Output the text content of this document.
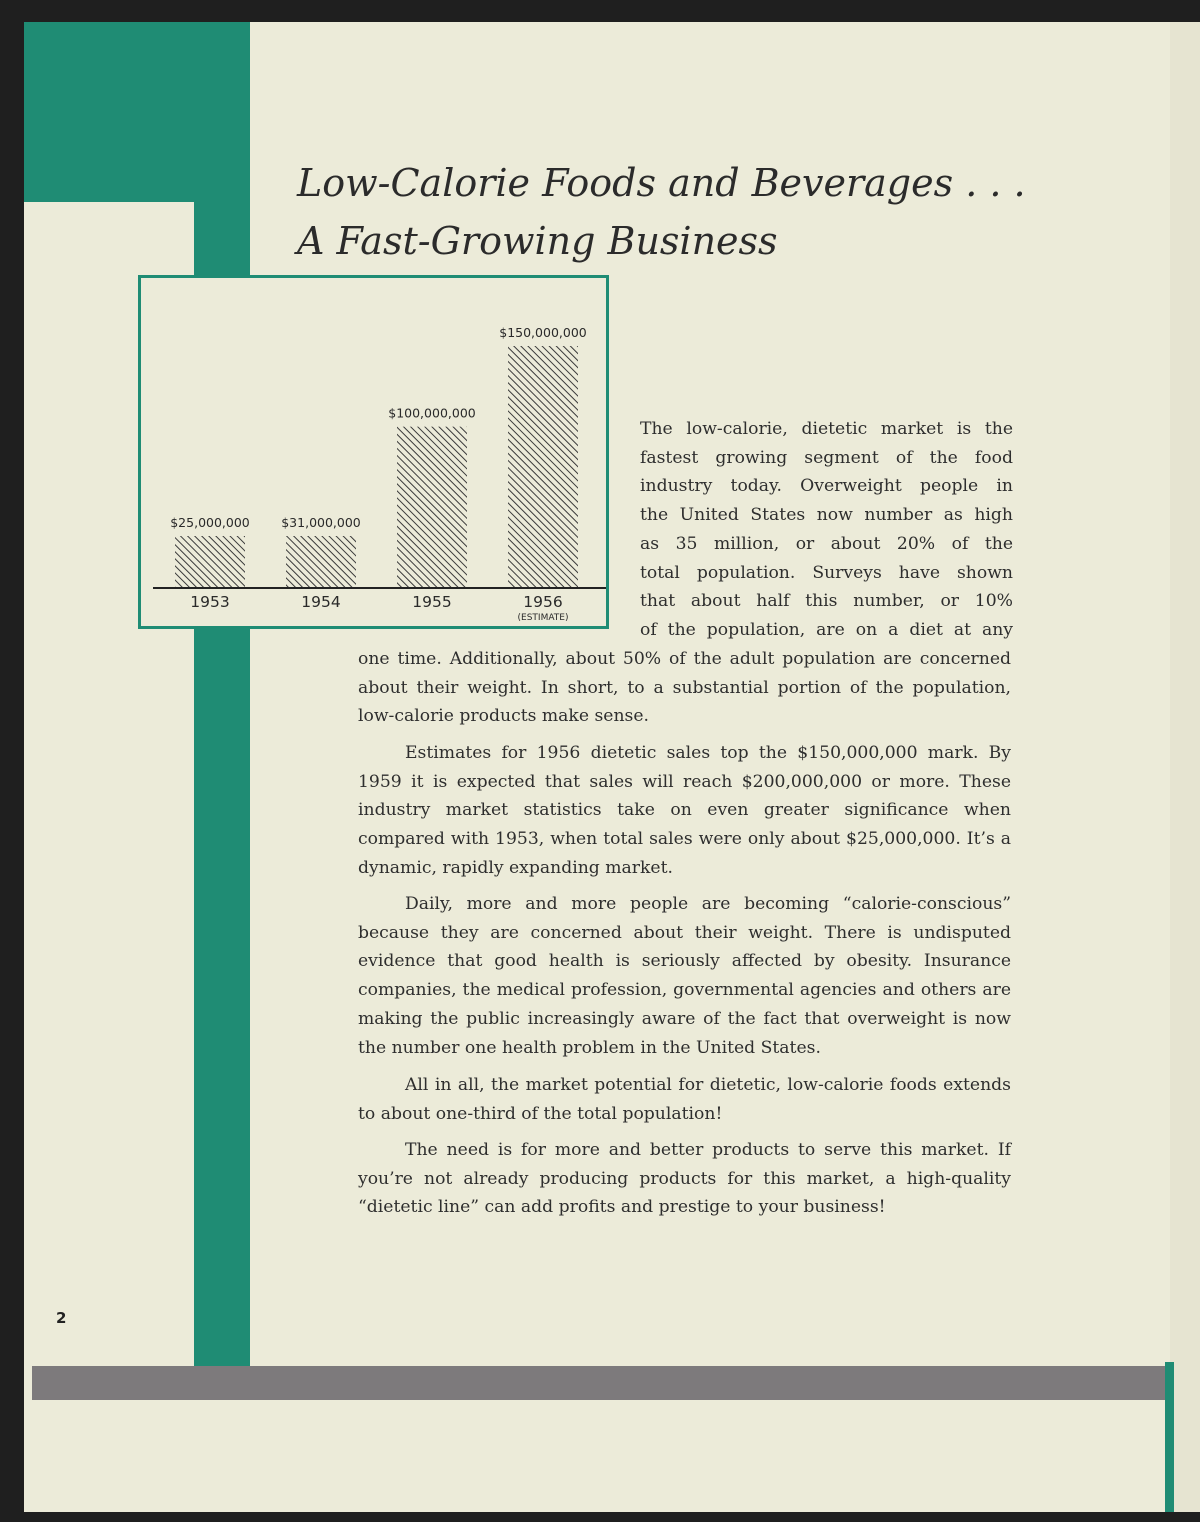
Low-Calorie Foods and Beverages . . .
A Fast-Growing Business
$25,000,000
1953
$31,000,000
1954
$100,000,000
1955
$150,000,000
1956
(ESTIMATE)

The low-calorie, dietetic market is the
fastest growing segment of the food
industry today. Overweight people in
the United States now number as high
as 35 million, or about 20% of the
total population. Surveys have shown
that about half this number, or 10%
of the population, are on a diet at any

one time. Additionally, about 50% of the adult population are concerned about their weight. In short, to a substantial portion of the population, low-calorie products make sense.

Estimates for 1956 dietetic sales top the $150,000,000 mark. By 1959 it is expected that sales will reach $200,000,000 or more. These industry market statistics take on even greater significance when compared with 1953, when total sales were only about $25,000,000. It’s a dynamic, rapidly expanding market.

Daily, more and more people are becoming “calorie-conscious” because they are concerned about their weight. There is undisputed evidence that good health is seriously affected by obesity. Insurance companies, the medical profession, governmental agencies and others are making the public increasingly aware of the fact that overweight is now the number one health problem in the United States.

All in all, the market potential for dietetic, low-calorie foods extends to about one-third of the total population!

The need is for more and better products to serve this market. If you’re not already producing products for this market, a high-quality “dietetic line” can add profits and prestige to your business!

2
